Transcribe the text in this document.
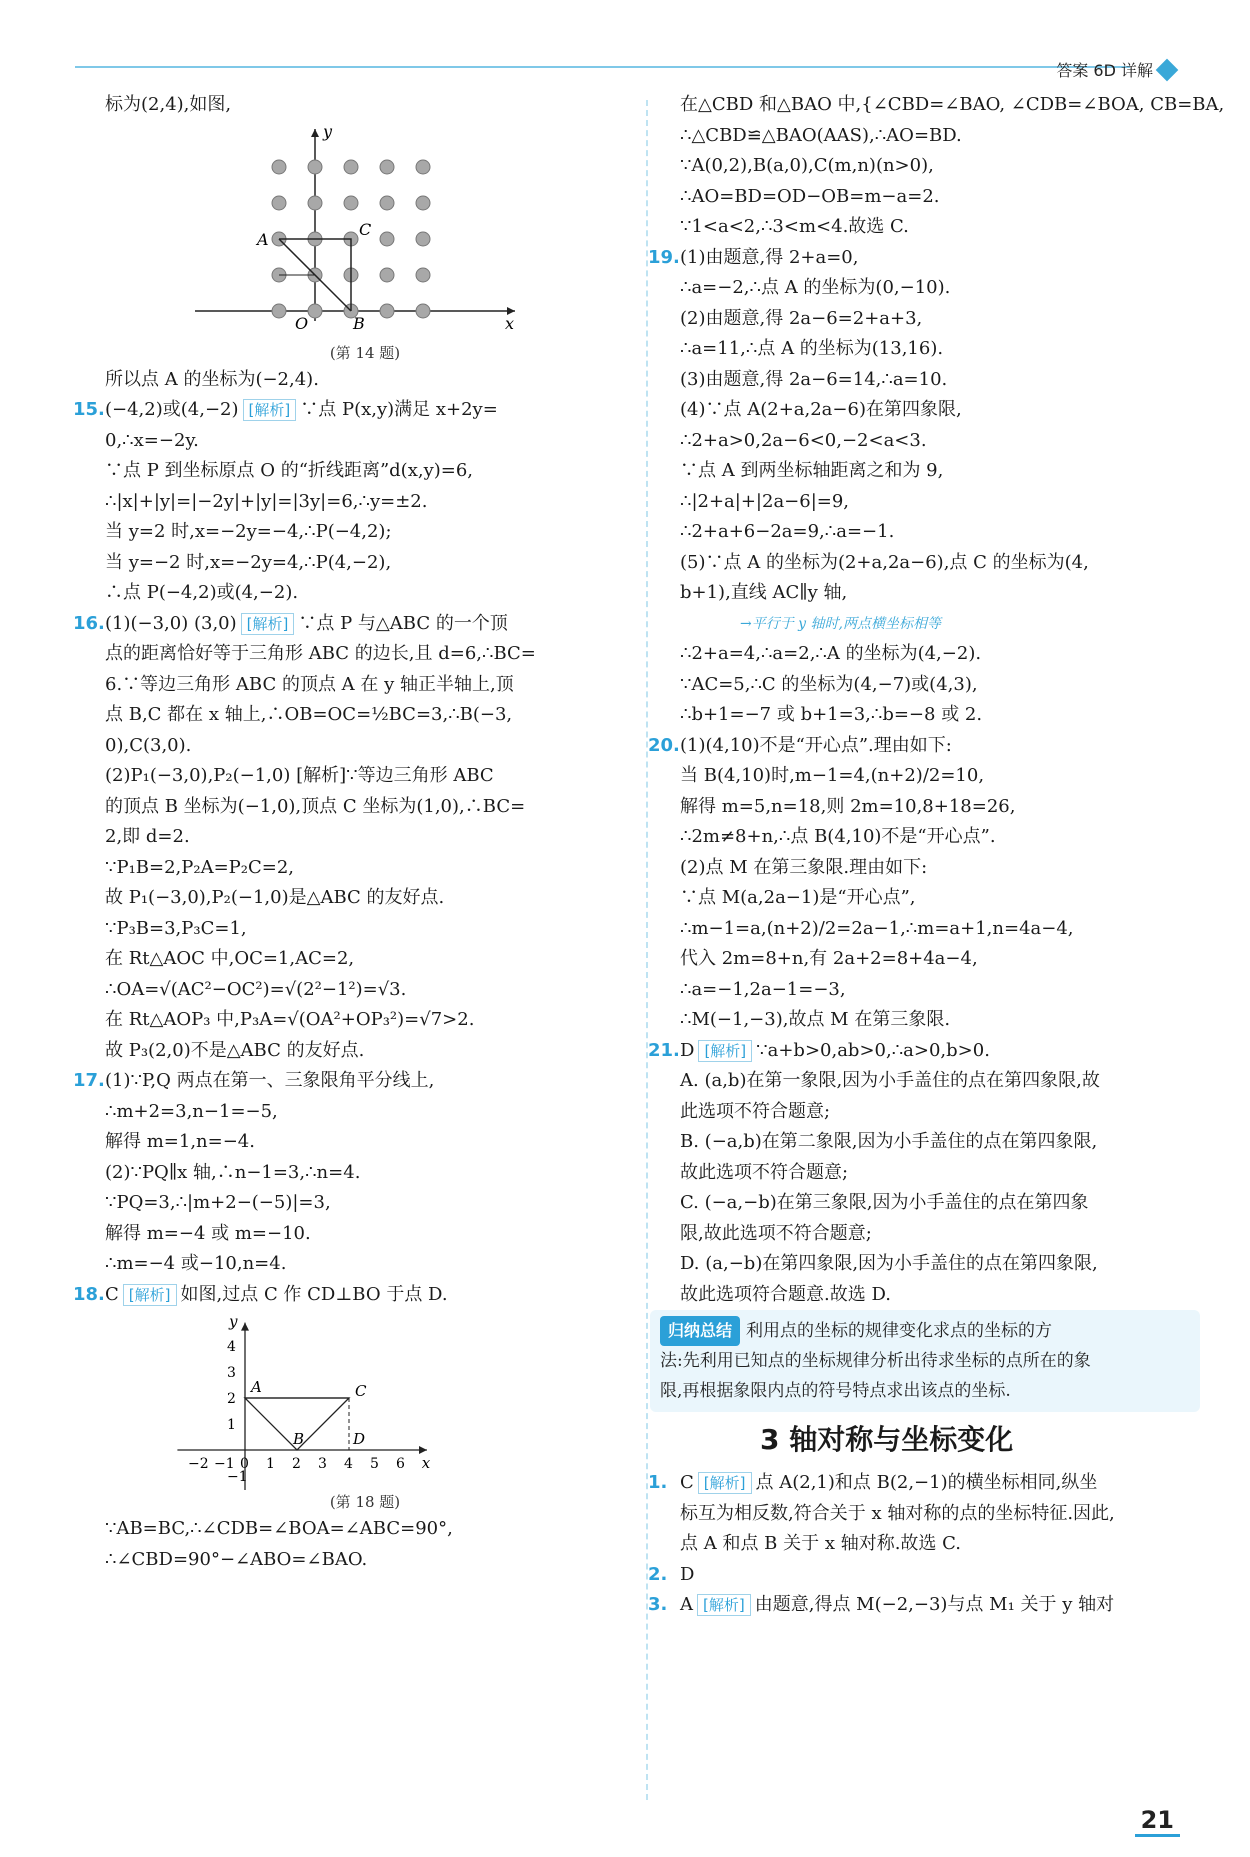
答案 6D 详解
标为(2,4),如图,
A
C
B
O	x
y
(第 14 题)
所以点 A 的坐标为(−2,4).
15.(−4,2)或(4,−2) [解析] ∵点 P(x,y)满足 x+2y=
0,∴x=−2y.
∵点 P 到坐标原点 O 的“折线距离”d(x,y)=6,
∴|x|+|y|=|−2y|+|y|=|3y|=6,∴y=±2.
当 y=2 时,x=−2y=−4,∴P(−4,2);
当 y=−2 时,x=−2y=4,∴P(4,−2),
∴点 P(−4,2)或(4,−2).
16.(1)(−3,0) (3,0) [解析] ∵点 P 与△ABC 的一个顶
点的距离恰好等于三角形 ABC 的边长,且 d=6,∴BC=
6.∵等边三角形 ABC 的顶点 A 在 y 轴正半轴上,顶
点 B,C 都在 x 轴上,∴OB=OC=½BC=3,∴B(−3,
0),C(3,0).
(2)P₁(−3,0),P₂(−1,0) [解析]∵等边三角形 ABC
的顶点 B 坐标为(−1,0),顶点 C 坐标为(1,0),∴BC=
2,即 d=2.
∵P₁B=2,P₂A=P₂C=2,
故 P₁(−3,0),P₂(−1,0)是△ABC 的友好点.
∵P₃B=3,P₃C=1,
在 Rt△AOC 中,OC=1,AC=2,
∴OA=√(AC²−OC²)=√(2²−1²)=√3.
在 Rt△AOP₃ 中,P₃A=√(OA²+OP₃²)=√7>2.
故 P₃(2,0)不是△ABC 的友好点.
17.(1)∵P,Q 两点在第一、三象限角平分线上,
∴m+2=3,n−1=−5,
解得 m=1,n=−4.
(2)∵PQ∥x 轴,∴n−1=3,∴n=4.
∵PQ=3,∴|m+2−(−5)|=3,
解得 m=−4 或 m=−10.
∴m=−4 或−10,n=4.
18.C [解析] 如图,过点 C 作 CD⊥BO 于点 D.
−2 −1 0 1 2 3 4 5 6
4
3
2
1
−1
A
B
C
D
x
y
(第 18 题)
∵AB=BC,∴∠CDB=∠BOA=∠ABC=90°,
∴∠CBD=90°−∠ABO=∠BAO.
在△CBD 和△BAO 中,{∠CBD=∠BAO, ∠CDB=∠BOA, CB=BA,
∴△CBD≌△BAO(AAS),∴AO=BD.
∵A(0,2),B(a,0),C(m,n)(n>0),
∴AO=BD=OD−OB=m−a=2.
∵1<a<2,∴3<m<4.故选 C.
19.(1)由题意,得 2+a=0,
∴a=−2,∴点 A 的坐标为(0,−10).
(2)由题意,得 2a−6=2+a+3,
∴a=11,∴点 A 的坐标为(13,16).
(3)由题意,得 2a−6=14,∴a=10.
(4)∵点 A(2+a,2a−6)在第四象限,
∴2+a>0,2a−6<0,−2<a<3.
∵点 A 到两坐标轴距离之和为 9,
∴|2+a|+|2a−6|=9,
∴2+a+6−2a=9,∴a=−1.
(5)∵点 A 的坐标为(2+a,2a−6),点 C 的坐标为(4,
b+1),直线 AC∥y 轴,
→平行于 y 轴时,两点横坐标相等
∴2+a=4,∴a=2,∴A 的坐标为(4,−2).
∵AC=5,∴C 的坐标为(4,−7)或(4,3),
∴b+1=−7 或 b+1=3,∴b=−8 或 2.
20.(1)(4,10)不是“开心点”.理由如下:
当 B(4,10)时,m−1=4,(n+2)/2=10,
解得 m=5,n=18,则 2m=10,8+18=26,
∴2m≠8+n,∴点 B(4,10)不是“开心点”.
(2)点 M 在第三象限.理由如下:
∵点 M(a,2a−1)是“开心点”,
∴m−1=a,(n+2)/2=2a−1,∴m=a+1,n=4a−4,
代入 2m=8+n,有 2a+2=8+4a−4,
∴a=−1,2a−1=−3,
∴M(−1,−3),故点 M 在第三象限.
21.D [解析] ∵a+b>0,ab>0,∴a>0,b>0.
A. (a,b)在第一象限,因为小手盖住的点在第四象限,故
此选项不符合题意;
B. (−a,b)在第二象限,因为小手盖住的点在第四象限,
故此选项不符合题意;
C. (−a,−b)在第三象限,因为小手盖住的点在第四象
限,故此选项不符合题意;
D. (a,−b)在第四象限,因为小手盖住的点在第四象限,
故此选项符合题意.故选 D.
归纳总结 利用点的坐标的规律变化求点的坐标的方
法:先利用已知点的坐标规律分析出待求坐标的点所在的象
限,再根据象限内点的符号特点求出该点的坐标.
3 轴对称与坐标变化
1. C [解析] 点 A(2,1)和点 B(2,−1)的横坐标相同,纵坐
标互为相反数,符合关于 x 轴对称的点的坐标特征.因此,
点 A 和点 B 关于 x 轴对称.故选 C.
2. D
3. A [解析] 由题意,得点 M(−2,−3)与点 M₁ 关于 y 轴对
21
